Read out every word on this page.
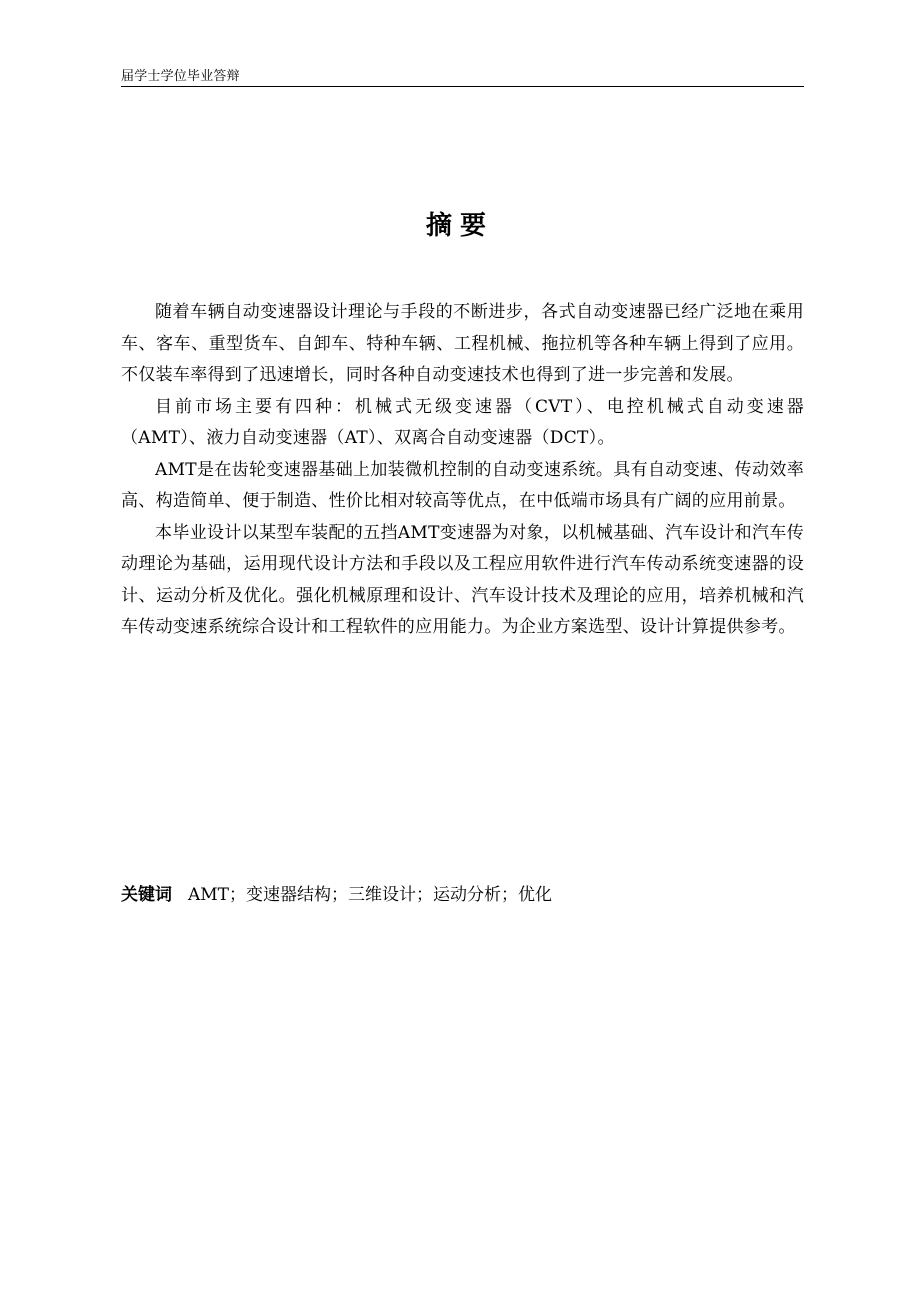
届学士学位毕业答辩
摘要

随着车辆自动变速器设计理论与手段的不断进步，各式自动变速器已经广泛地在乘用车、客车、重型货车、自卸车、特种车辆、工程机械、拖拉机等各种车辆上得到了应用。不仅装车率得到了迅速增长，同时各种自动变速技术也得到了进一步完善和发展。

目前市场主要有四种：机械式无级变速器（CVT）、电控机械式自动变速器（AMT）、液力自动变速器（AT）、双离合自动变速器（DCT）。

AMT是在齿轮变速器基础上加装微机控制的自动变速系统。具有自动变速、传动效率高、构造简单、便于制造、性价比相对较高等优点，在中低端市场具有广阔的应用前景。

本毕业设计以某型车装配的五挡AMT变速器为对象，以机械基础、汽车设计和汽车传动理论为基础，运用现代设计方法和手段以及工程应用软件进行汽车传动系统变速器的设计、运动分析及优化。强化机械原理和设计、汽车设计技术及理论的应用，培养机械和汽车传动变速系统综合设计和工程软件的应用能力。为企业方案选型、设计计算提供参考。

关键词 AMT；变速器结构；三维设计；运动分析；优化
